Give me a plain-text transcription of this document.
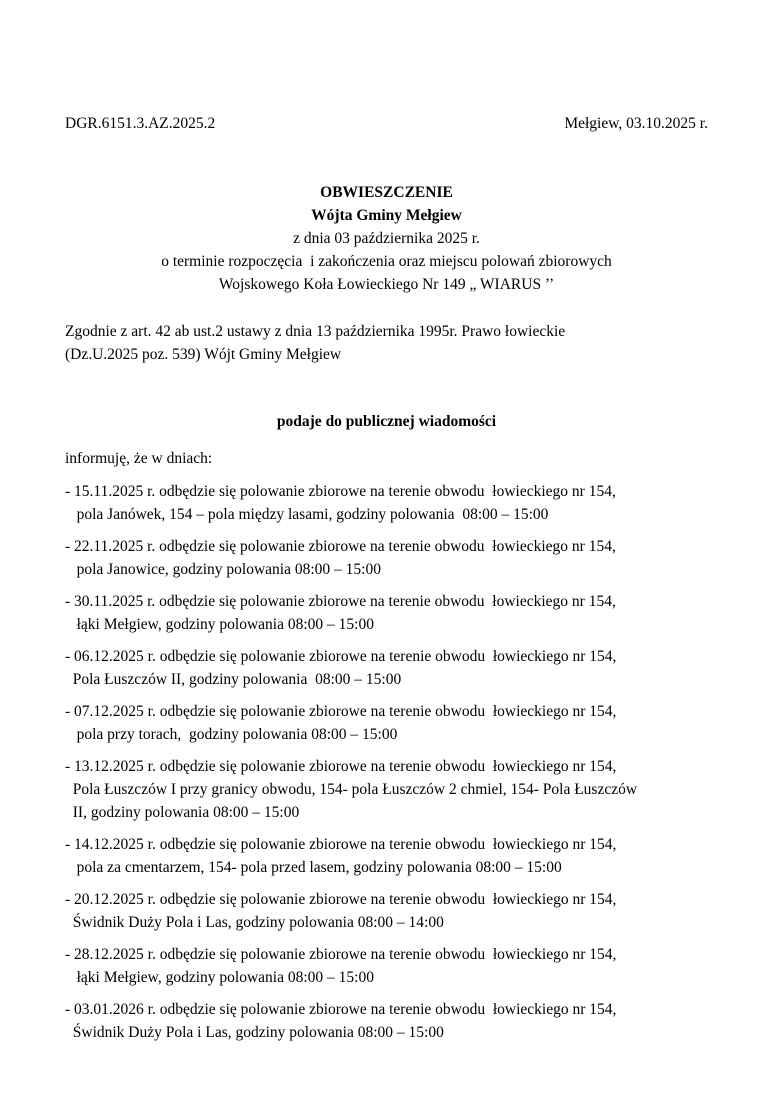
DGR.6151.3.AZ.2025.2	Mełgiew, 03.10.2025 r.
OBWIESZCZENIE
Wójta Gminy Mełgiew
z dnia 03 października 2025 r.
o terminie rozpoczęcia  i zakończenia oraz miejscu polowań zbiorowych
Wojskowego Koła Łowieckiego Nr 149 „ WIARUS ’’
Zgodnie z art. 42 ab ust.2 ustawy z dnia 13 października 1995r. Prawo łowieckie
(Dz.U.2025 poz. 539) Wójt Gminy Mełgiew
podaje do publicznej wiadomości
informuję, że w dniach:
- 15.11.2025 r. odbędzie się polowanie zbiorowe na terenie obwodu  łowieckiego nr 154,
pola Janówek, 154 – pola między lasami, godziny polowania  08:00 – 15:00
- 22.11.2025 r. odbędzie się polowanie zbiorowe na terenie obwodu  łowieckiego nr 154,
pola Janowice, godziny polowania 08:00 – 15:00
- 30.11.2025 r. odbędzie się polowanie zbiorowe na terenie obwodu  łowieckiego nr 154,
łąki Mełgiew, godziny polowania 08:00 – 15:00
- 06.12.2025 r. odbędzie się polowanie zbiorowe na terenie obwodu  łowieckiego nr 154,
Pola Łuszczów II, godziny polowania  08:00 – 15:00
- 07.12.2025 r. odbędzie się polowanie zbiorowe na terenie obwodu  łowieckiego nr 154,
pola przy torach,  godziny polowania 08:00 – 15:00
- 13.12.2025 r. odbędzie się polowanie zbiorowe na terenie obwodu  łowieckiego nr 154,
Pola Łuszczów I przy granicy obwodu, 154- pola Łuszczów 2 chmiel, 154- Pola Łuszczów
II, godziny polowania 08:00 – 15:00
- 14.12.2025 r. odbędzie się polowanie zbiorowe na terenie obwodu  łowieckiego nr 154,
pola za cmentarzem, 154- pola przed lasem, godziny polowania 08:00 – 15:00
- 20.12.2025 r. odbędzie się polowanie zbiorowe na terenie obwodu  łowieckiego nr 154,
Świdnik Duży Pola i Las, godziny polowania 08:00 – 14:00
- 28.12.2025 r. odbędzie się polowanie zbiorowe na terenie obwodu  łowieckiego nr 154,
łąki Mełgiew, godziny polowania 08:00 – 15:00
- 03.01.2026 r. odbędzie się polowanie zbiorowe na terenie obwodu  łowieckiego nr 154,
Świdnik Duży Pola i Las, godziny polowania 08:00 – 15:00
